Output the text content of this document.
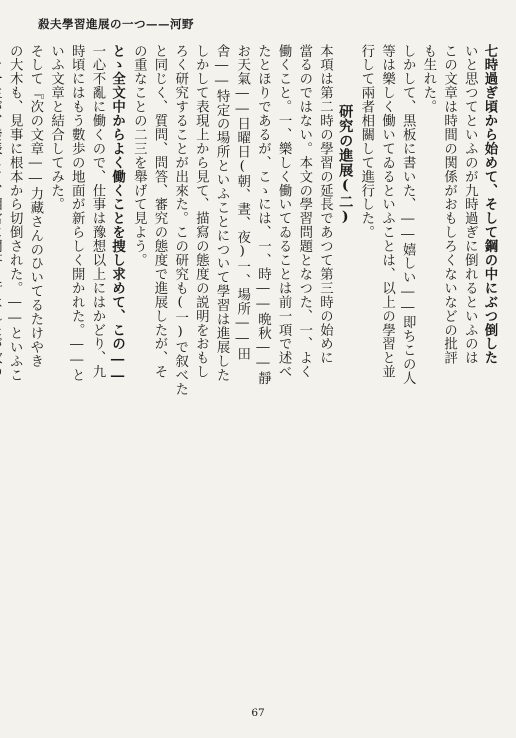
殺夫學習進展の一つ——河野
七時過ぎ頃から始めて、そして鋼の中にぶつ倒した
いと思つてといふのが九時過ぎに倒れるといふのは
この文章は時間の関係がおもしろくないなどの批評
も生れた。
しかして、黒板に書いた、――嬉しい――即ちこの人
等は樂しく働いてゐるといふことは、以上の學習と並
行して兩者相關して進行した。
研究の進展(二)
本項は第二時の學習の延長であつて第三時の始めに
當るのではない。本文の學習問題となつた、一、よく
働くこと。一、樂しく働いてゐることは前一項で述べ
たとほりであるが、こゝには、一、時――晩秋――靜
お天氣――日曜日(朝、晝、夜)一、場所――田
舎――特定の場所といふことについて學習は進展した
しかして表現上から見て、描寫の態度の説明をおもし
ろく研究することが出來た。この研究も(一)で叙べた
と同じく、質問、問答、審究の態度で進展したが、そ
の重なことの二三を舉げて見よう。
とゝ全文中からよく働くことを捜し求めて、この――
一心不亂に働くので、仕事は豫想以上にはかどり、九
時頃にはもう數歩の地面が新らしく開かれた。――と
いふ文章と結合してみた。
そして『次の文章――力藏さんのひいてるたけやき
の大木も、見事に根本から切倒された。――といふこ
67
